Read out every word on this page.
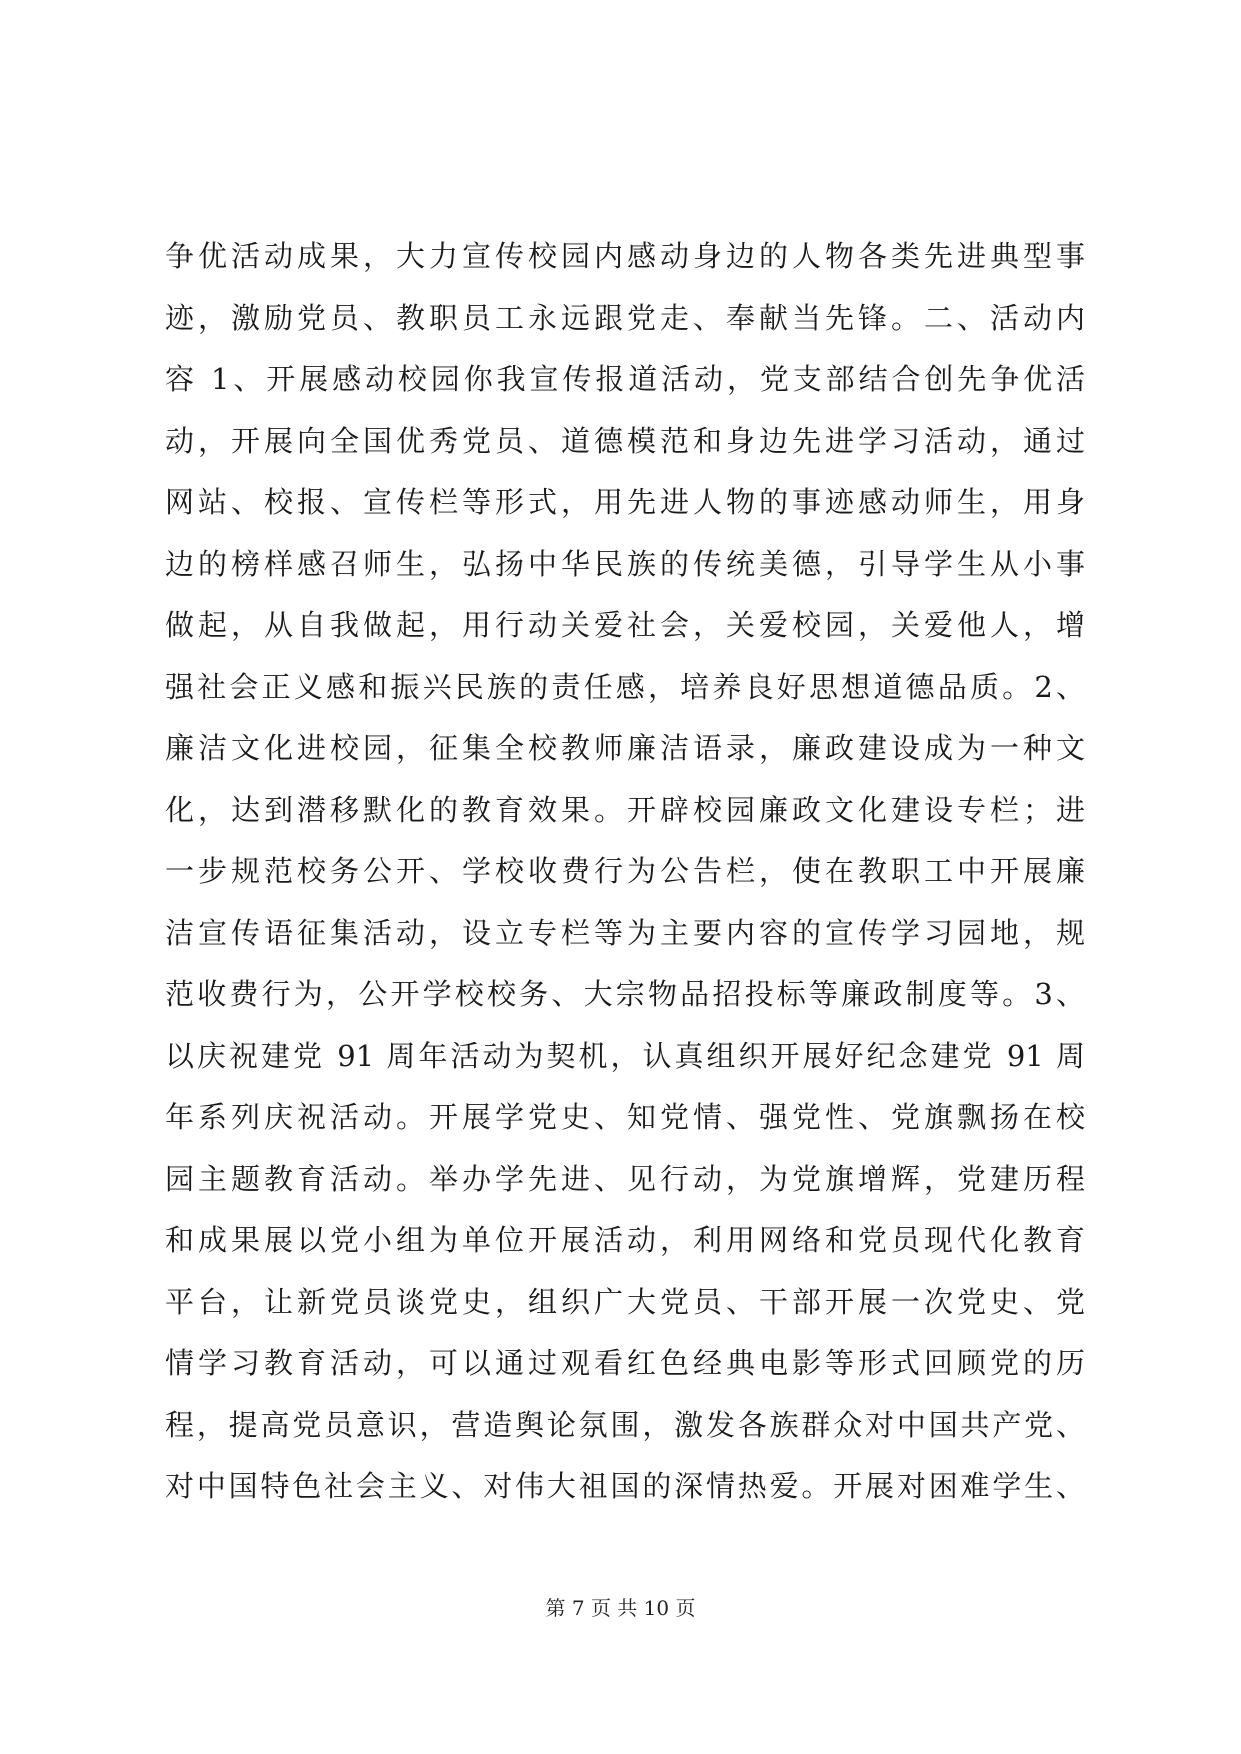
争优活动成果，大力宣传校园内感动身边的人物各类先进典型事
迹，激励党员、教职员工永远跟党走、奉献当先锋。二、活动内
容 1、开展感动校园你我宣传报道活动，党支部结合创先争优活
动，开展向全国优秀党员、道德模范和身边先进学习活动，通过
网站、校报、宣传栏等形式，用先进人物的事迹感动师生，用身
边的榜样感召师生，弘扬中华民族的传统美德，引导学生从小事
做起，从自我做起，用行动关爱社会，关爱校园，关爱他人，增
强社会正义感和振兴民族的责任感，培养良好思想道德品质。2、
廉洁文化进校园，征集全校教师廉洁语录，廉政建设成为一种文
化，达到潜移默化的教育效果。开辟校园廉政文化建设专栏；进
一步规范校务公开、学校收费行为公告栏，使在教职工中开展廉
洁宣传语征集活动，设立专栏等为主要内容的宣传学习园地，规
范收费行为，公开学校校务、大宗物品招投标等廉政制度等。3、
以庆祝建党 91 周年活动为契机，认真组织开展好纪念建党 91 周
年系列庆祝活动。开展学党史、知党情、强党性、党旗飘扬在校
园主题教育活动。举办学先进、见行动，为党旗增辉，党建历程
和成果展以党小组为单位开展活动，利用网络和党员现代化教育
平台，让新党员谈党史，组织广大党员、干部开展一次党史、党
情学习教育活动，可以通过观看红色经典电影等形式回顾党的历
程，提高党员意识，营造舆论氛围，激发各族群众对中国共产党、
对中国特色社会主义、对伟大祖国的深情热爱。开展对困难学生、
第 7 页 共 10 页
